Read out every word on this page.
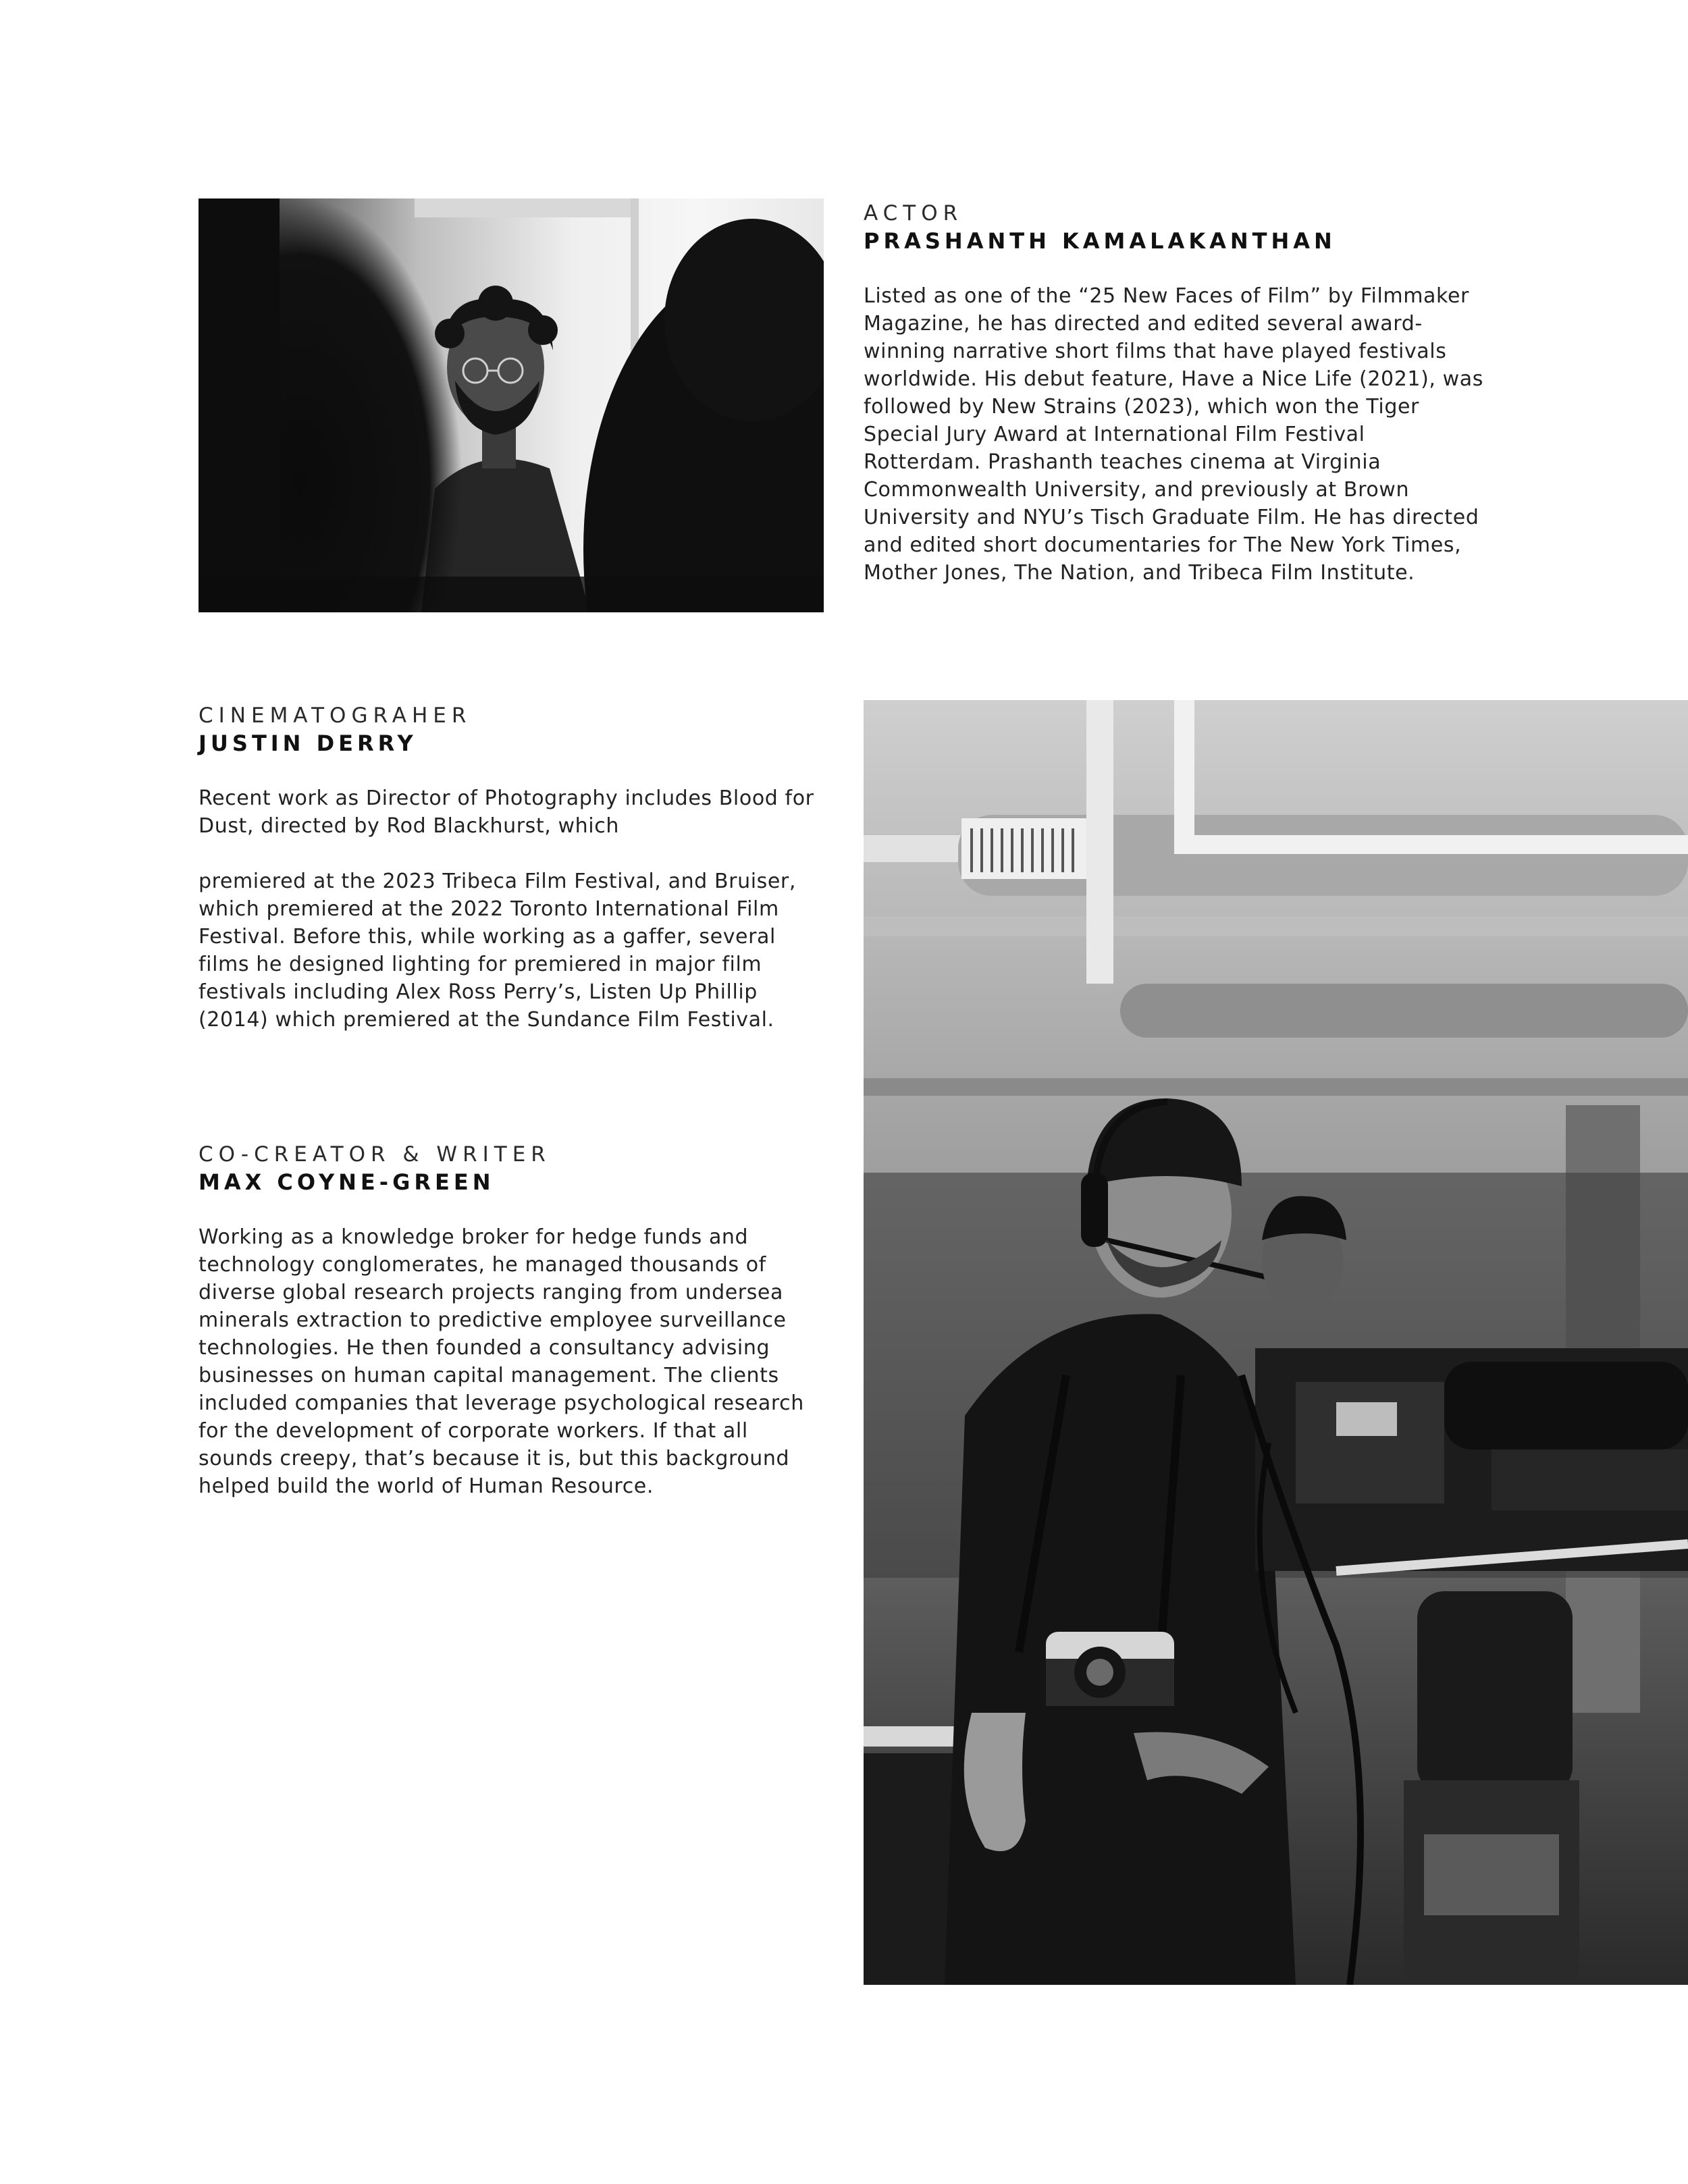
ACTOR

PRASHANTH KAMALAKANTHAN

Listed as one of the “25 New Faces of Film” by Filmmaker Magazine, he has directed and edited several award-winning narrative short films that have played festivals worldwide. His debut feature, Have a Nice Life (2021), was followed by New Strains (2023), which won the Tiger Special Jury Award at International Film Festival Rotterdam. Prashanth teaches cinema at Virginia Commonwealth University, and previously at Brown University and NYU’s Tisch Graduate Film. He has directed and edited short documentaries for The New York Times, Mother Jones, The Nation, and Tribeca Film Institute.

CINEMATOGRAHER

JUSTIN DERRY

Recent work as Director of Photography includes Blood for Dust, directed by Rod Blackhurst, which

premiered at the 2023 Tribeca Film Festival, and Bruiser, which premiered at the 2022 Toronto International Film Festival. Before this, while working as a gaffer, several films he designed lighting for premiered in major film festivals including Alex Ross Perry’s, Listen Up Phillip (2014) which premiered at the Sundance Film Festival.

CO-CREATOR & WRITER

MAX COYNE-GREEN

Working as a knowledge broker for hedge funds and technology conglomerates, he managed thousands of diverse global research projects ranging from undersea minerals extraction to predictive employee surveillance technologies. He then founded a consultancy advising businesses on human capital management. The clients included companies that leverage psychological research for the development of corporate workers. If that all sounds creepy, that’s because it is, but this background helped build the world of Human Resource.
